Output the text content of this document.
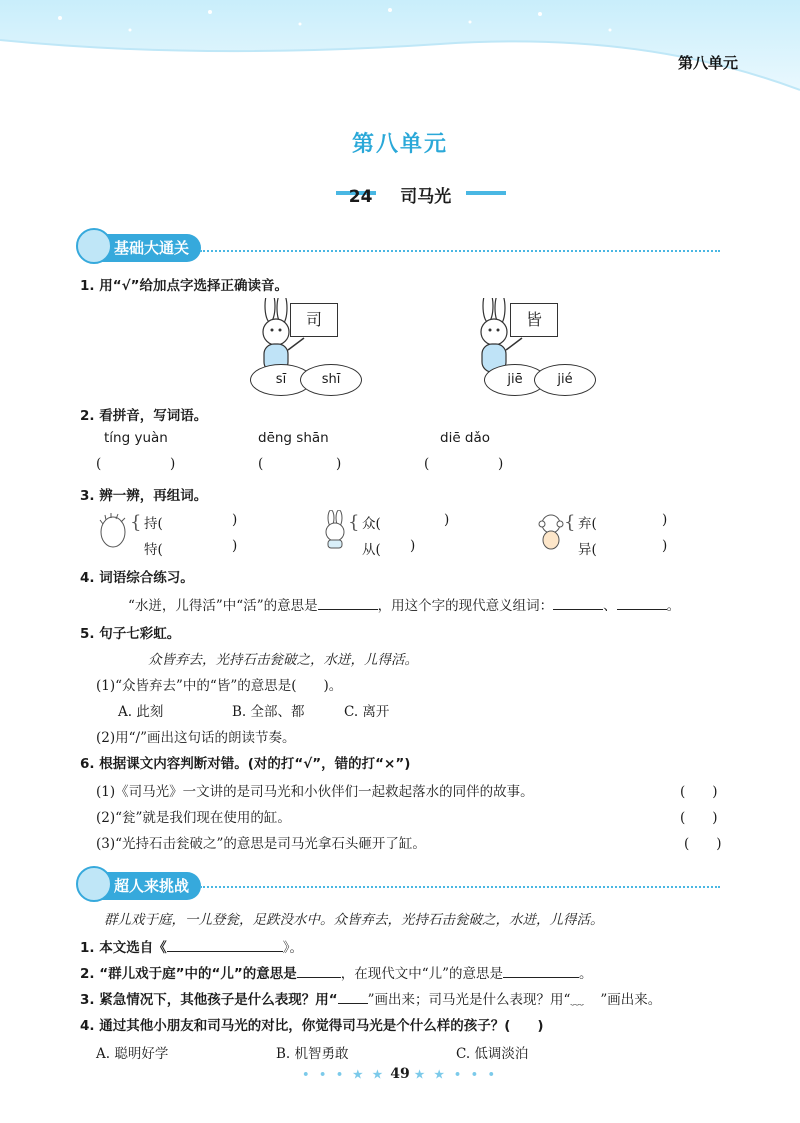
第八单元
第八单元
24 司马光
基础大通关
1. 用“√”给加点字选择正确读音。
司
sī	shī
皆
jiē	jié
2. 看拼音，写词语。
tíng yuàn	dēng shān	diē dǎo
(	)	(	)	(	)
3. 辨一辨，再组词。
{ 持(	)
特(	)
{ 众(	)
从( )
{ 弃(	)
异(	)
4. 词语综合练习。
“水迸，儿得活”中“活”的意思是	，用这个字的现代意义组词：	、	。
5. 句子七彩虹。
众皆弃去，光持石击瓮破之，水迸，儿得活。
(1)“众皆弃去”中的“皆”的意思是(　　)。
A. 此刻	B. 全部、都	C. 离开
(2)用“/”画出这句话的朗读节奏。
6. 根据课文内容判断对错。(对的打“√”，错的打“×”)
(1)《司马光》一文讲的是司马光和小伙伴们一起救起落水的同伴的故事。	(　　)
(2)“瓮”就是我们现在使用的缸。	(　　)
(3)“光持石击瓮破之”的意思是司马光拿石头砸开了缸。	(　　)
超人来挑战
群儿戏于庭，一儿登瓮，足跌没水中。众皆弃去，光持石击瓮破之，水迸，儿得活。
1. 本文选自《	》。
2. “群儿戏于庭”中的“儿”的意思是	，在现代文中“儿”的意思是	。
3. 紧急情况下，其他孩子是什么表现？用“ ”画出来；司马光是什么表现？用“﹏ ”画出来。
4. 通过其他小朋友和司马光的对比，你觉得司马光是个什么样的孩子？(　　)
A. 聪明好学	B. 机智勇敢	C. 低调淡泊
• • • ★ ★ 49 ★ ★ • • •
